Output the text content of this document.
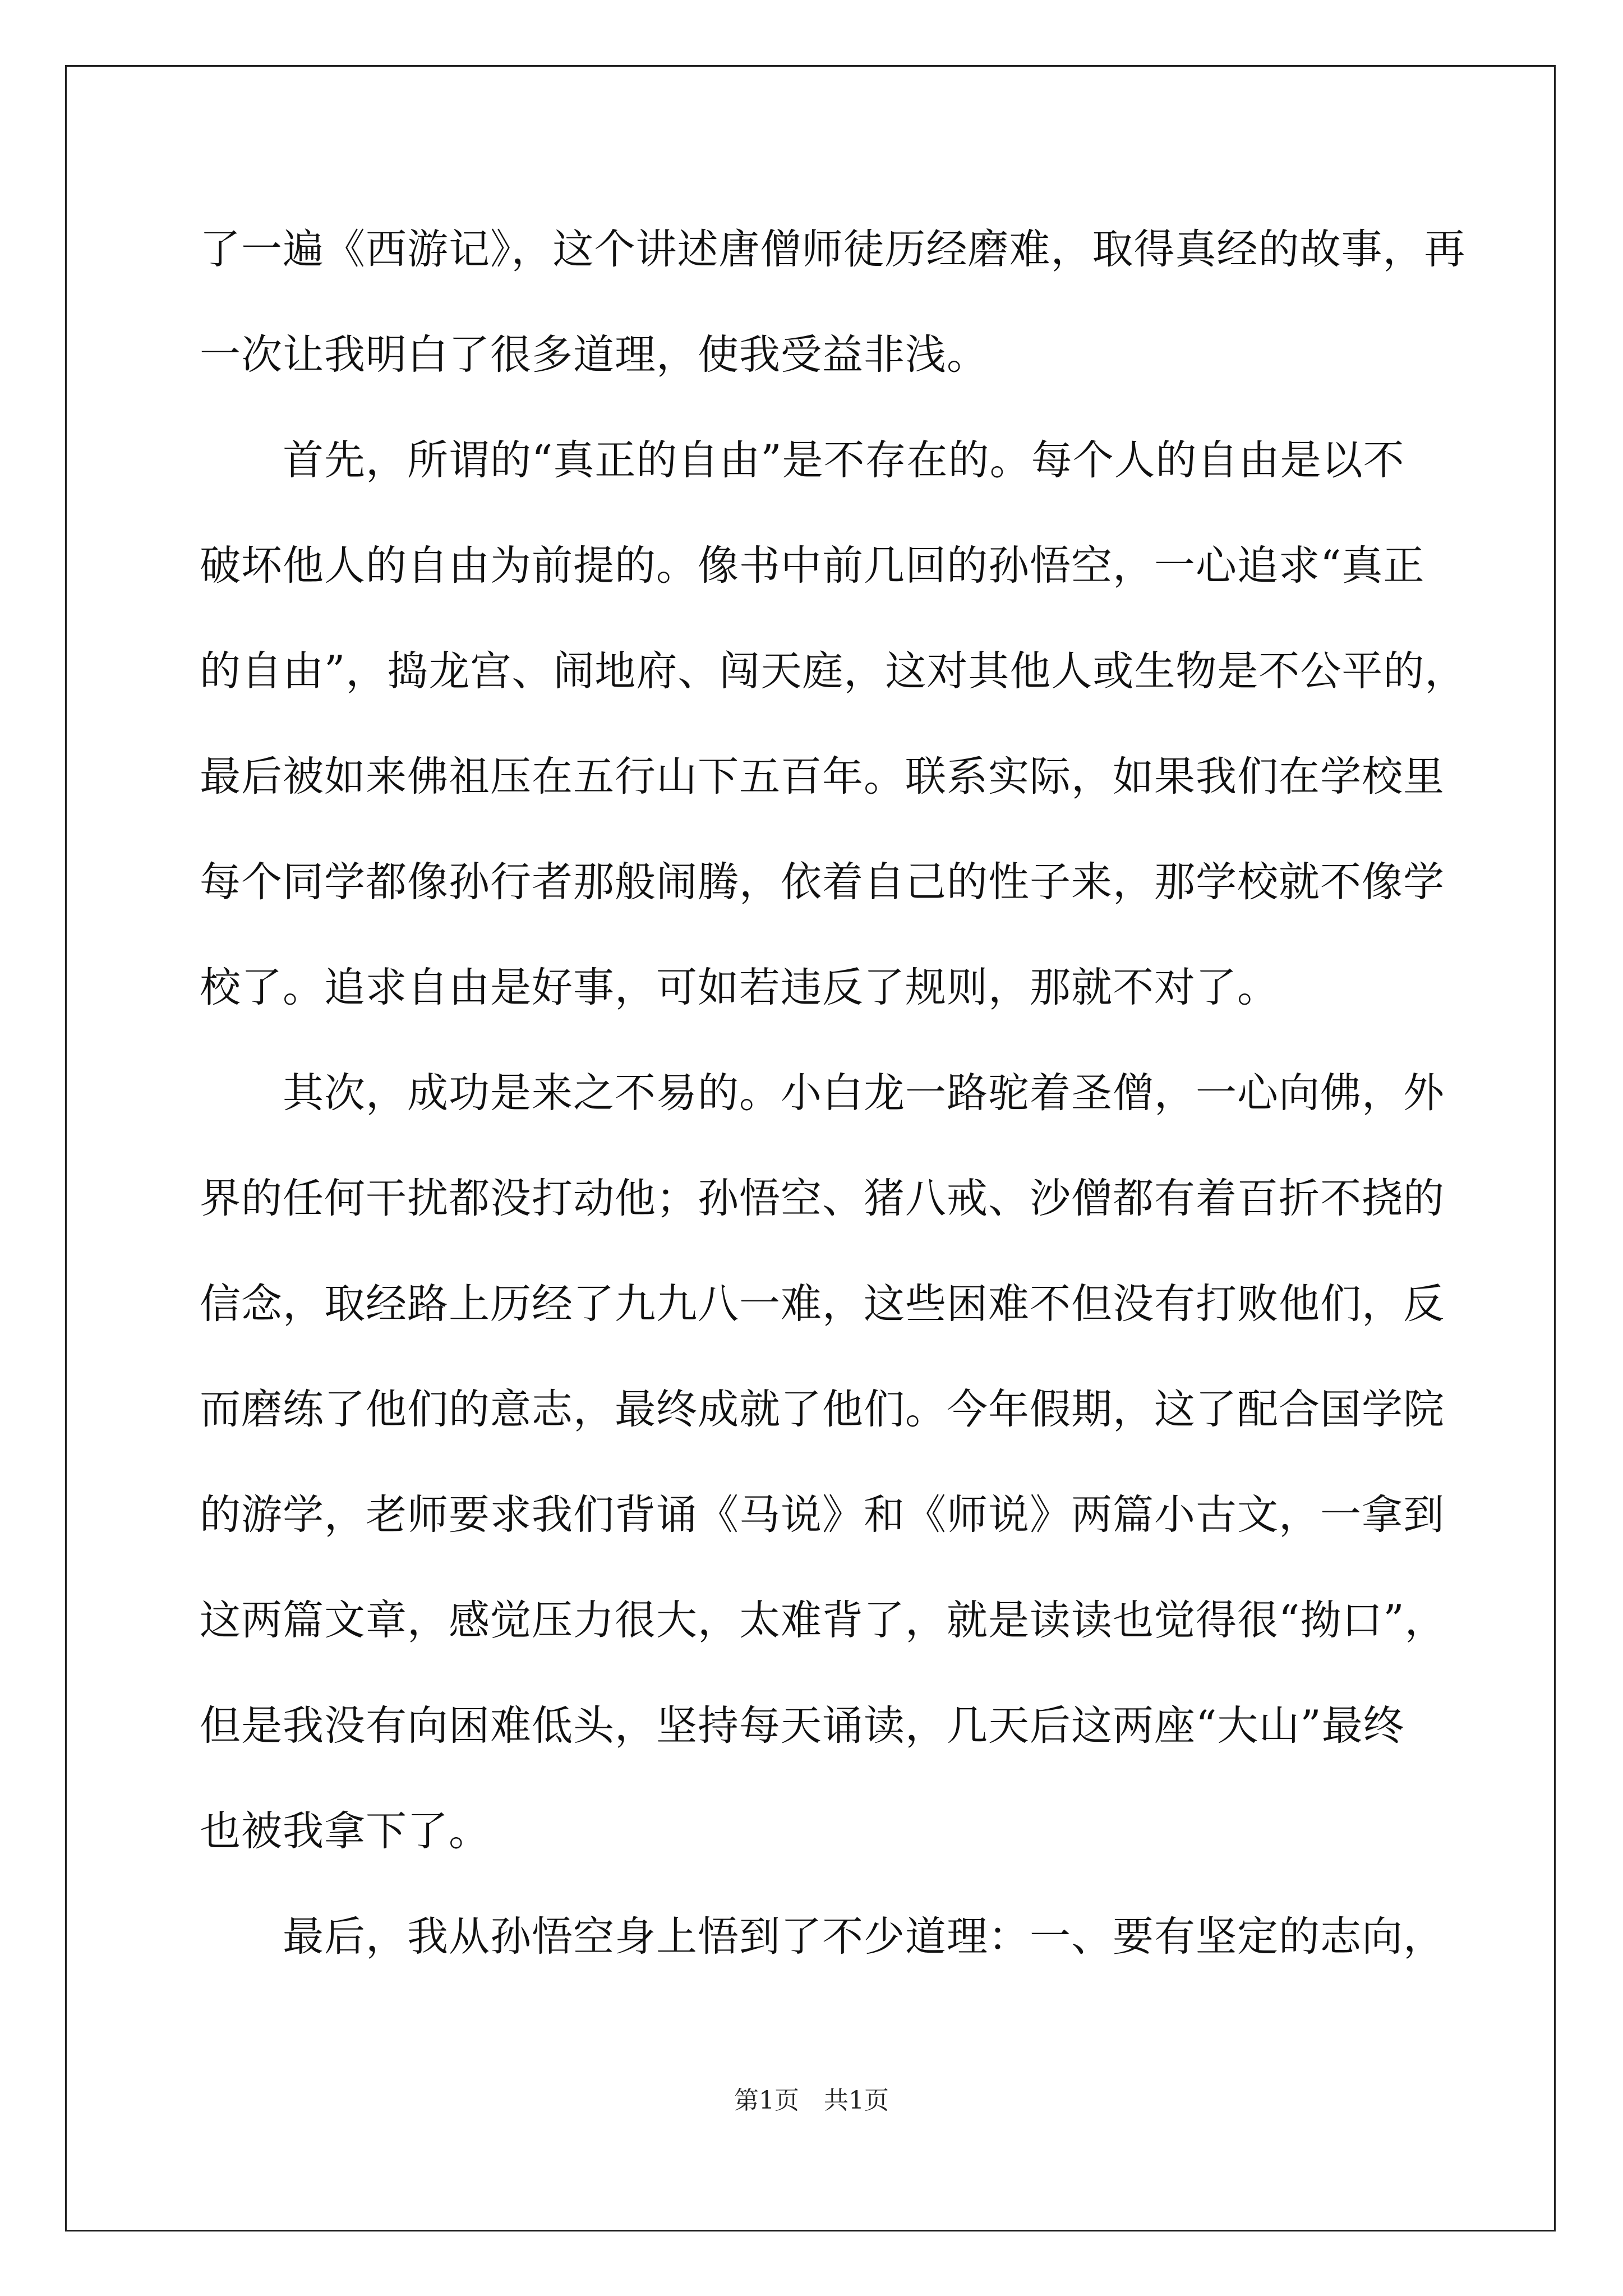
了一遍《西游记》，这个讲述唐僧师徒历经磨难，取得真经的故事，再
一次让我明白了很多道理，使我受益非浅。
　　首先，所谓的“真正的自由”是不存在的。每个人的自由是以不
破坏他人的自由为前提的。像书中前几回的孙悟空，一心追求“真正
的自由”，捣龙宫、闹地府、闯天庭，这对其他人或生物是不公平的，
最后被如来佛祖压在五行山下五百年。联系实际，如果我们在学校里
每个同学都像孙行者那般闹腾，依着自己的性子来，那学校就不像学
校了。追求自由是好事，可如若违反了规则，那就不对了。
　　其次，成功是来之不易的。小白龙一路驼着圣僧，一心向佛，外
界的任何干扰都没打动他；孙悟空、猪八戒、沙僧都有着百折不挠的
信念，取经路上历经了九九八一难，这些困难不但没有打败他们，反
而磨练了他们的意志，最终成就了他们。今年假期，这了配合国学院
的游学，老师要求我们背诵《马说》和《师说》两篇小古文，一拿到
这两篇文章，感觉压力很大，太难背了，就是读读也觉得很“拗口”，
但是我没有向困难低头，坚持每天诵读，几天后这两座“大山”最终
也被我拿下了。
　　最后，我从孙悟空身上悟到了不少道理：一、要有坚定的志向，
第1页　共1页
